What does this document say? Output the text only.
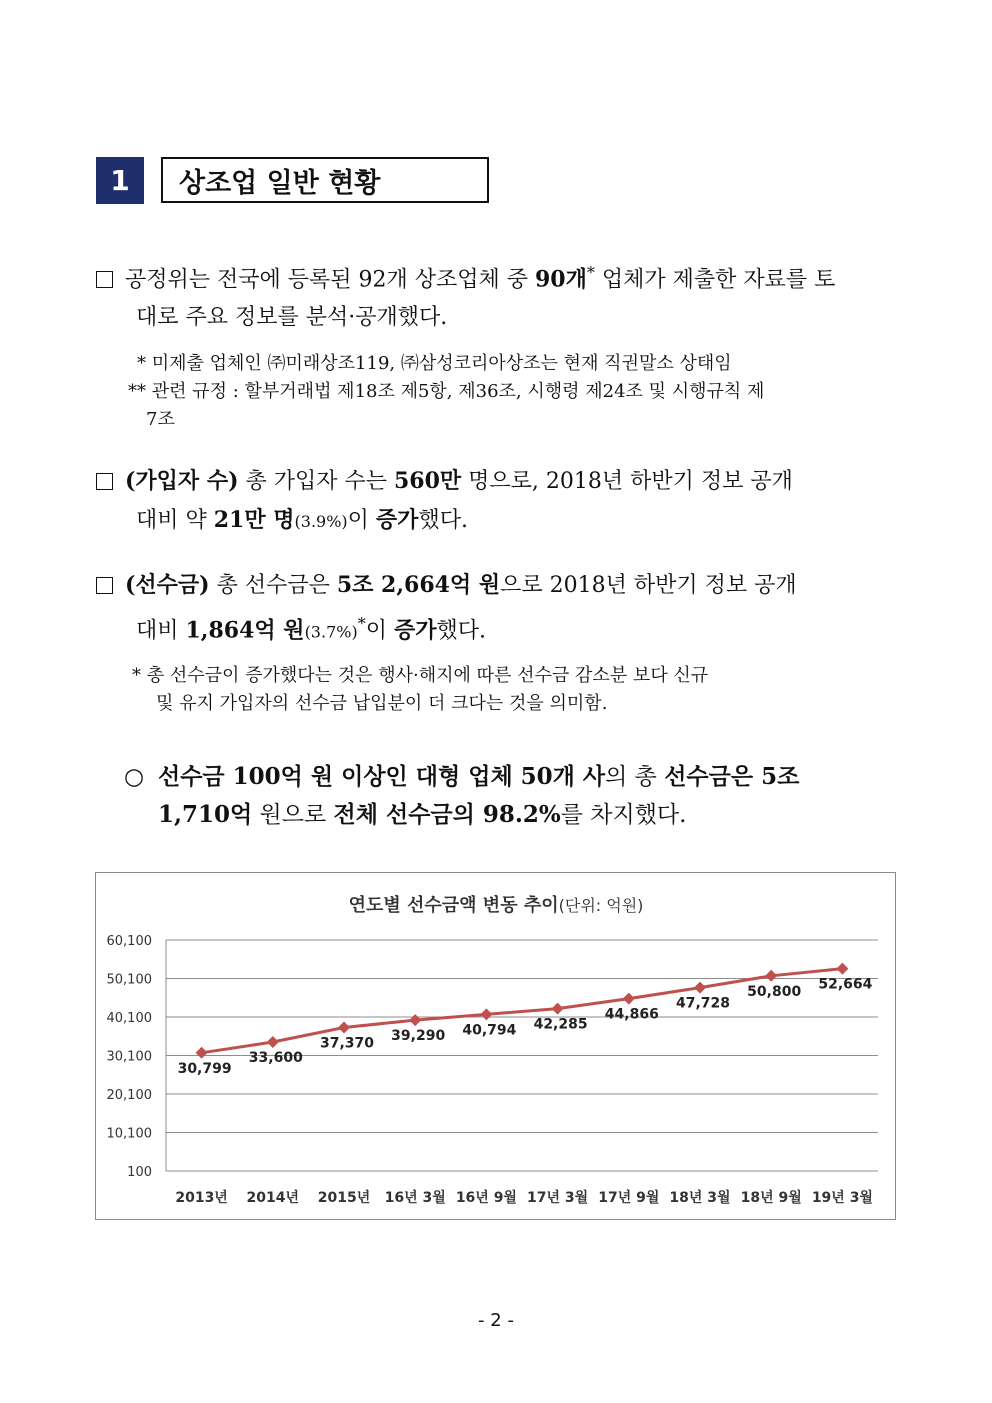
1	상조업 일반 현황
공정위는 전국에 등록된 92개 상조업체 중 90개* 업체가 제출한 자료를 토
대로 주요 정보를 분석·공개했다.
* 미제출 업체인 ㈜미래상조119, ㈜삼성코리아상조는 현재 직권말소 상태임
** 관련 규정 : 할부거래법 제18조 제5항, 제36조, 시행령 제24조 및 시행규칙 제
7조
(가입자 수) 총 가입자 수는 560만 명으로, 2018년 하반기 정보 공개
대비 약 21만 명(3.9%)이 증가했다.
(선수금) 총 선수금은 5조 2,664억 원으로 2018년 하반기 정보 공개
대비 1,864억 원(3.7%)*이 증가했다.
* 총 선수금이 증가했다는 것은 행사·해지에 따른 선수금 감소분 보다 신규
및 유지 가입자의 선수금 납입분이 더 크다는 것을 의미함.
○ 선수금 100억 원 이상인 대형 업체 50개 사의 총 선수금은 5조
1,710억 원으로 전체 선수금의 98.2%를 차지했다.
연도별 선수금액 변동 추이(단위: 억원)
60,100
50,100
40,100
30,100
20,100
10,100
100
2013년 2014년 2015년 16년 3월 16년 9월 17년 3월 17년 9월 18년 3월 18년 9월 19년 3월
30,799
33,600
37,370 39,290 40,794 42,285
44,866
47,728
50,800 52,664
- 2 -
